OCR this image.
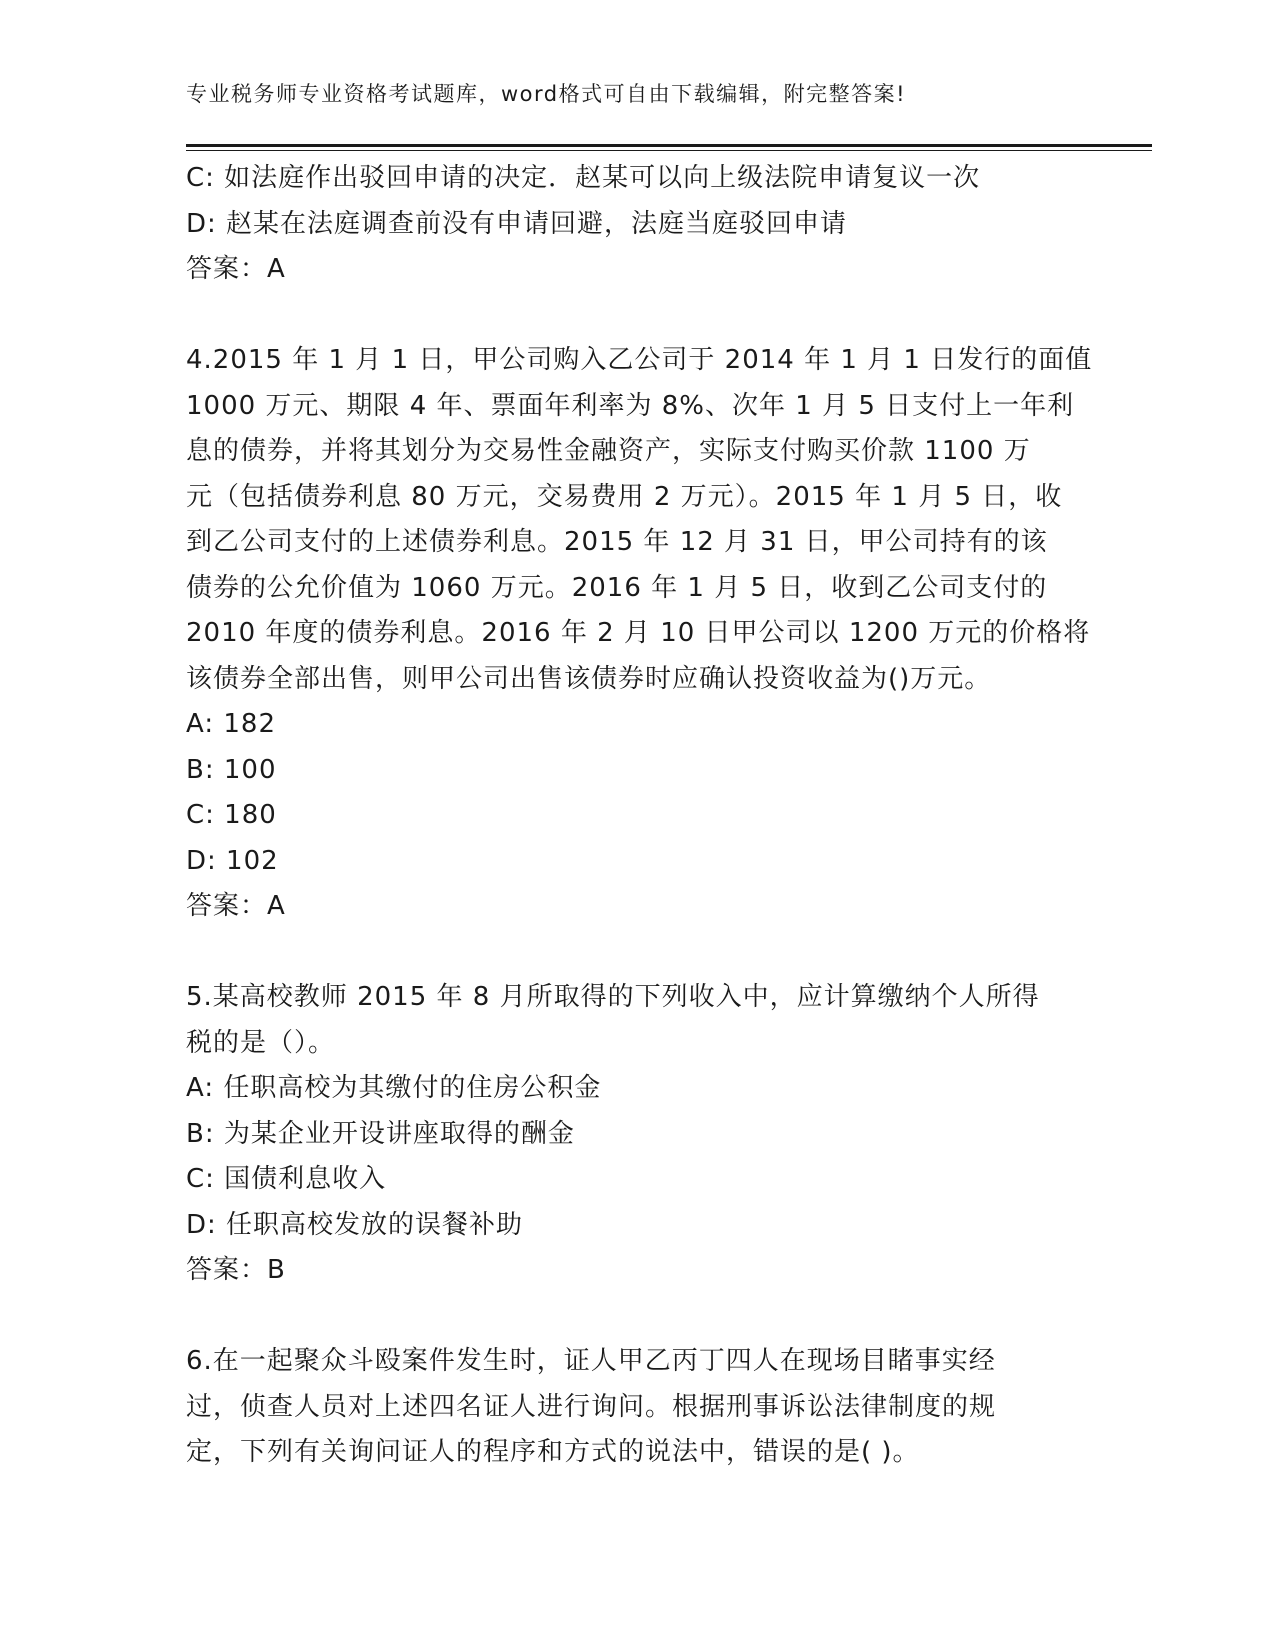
专业税务师专业资格考试题库，word格式可自由下载编辑，附完整答案!
C: 如法庭作出驳回申请的决定．赵某可以向上级法院申请复议一次
D: 赵某在法庭调查前没有申请回避，法庭当庭驳回申请
答案：A
4.2015 年 1 月 1 日，甲公司购入乙公司于 2014 年 1 月 1 日发行的面值
1000 万元、期限 4 年、票面年利率为 8%、次年 1 月 5 日支付上一年利
息的债券，并将其划分为交易性金融资产，实际支付购买价款 1100 万
元（包括债券利息 80 万元，交易费用 2 万元）。2015 年 1 月 5 日，收
到乙公司支付的上述债券利息。2015 年 12 月 31 日，甲公司持有的该
债券的公允价值为 1060 万元。2016 年 1 月 5 日，收到乙公司支付的
2010 年度的债券利息。2016 年 2 月 10 日甲公司以 1200 万元的价格将
该债券全部出售，则甲公司出售该债券时应确认投资收益为()万元。
A: 182
B: 100
C: 180
D: 102
答案：A
5.某高校教师 2015 年 8 月所取得的下列收入中，应计算缴纳个人所得
税的是（）。
A: 任职高校为其缴付的住房公积金
B: 为某企业开设讲座取得的酬金
C: 国债利息收入
D: 任职高校发放的误餐补助
答案：B
6.在一起聚众斗殴案件发生时，证人甲乙丙丁四人在现场目睹事实经
过，侦查人员对上述四名证人进行询问。根据刑事诉讼法律制度的规
定，下列有关询问证人的程序和方式的说法中，错误的是( )。
